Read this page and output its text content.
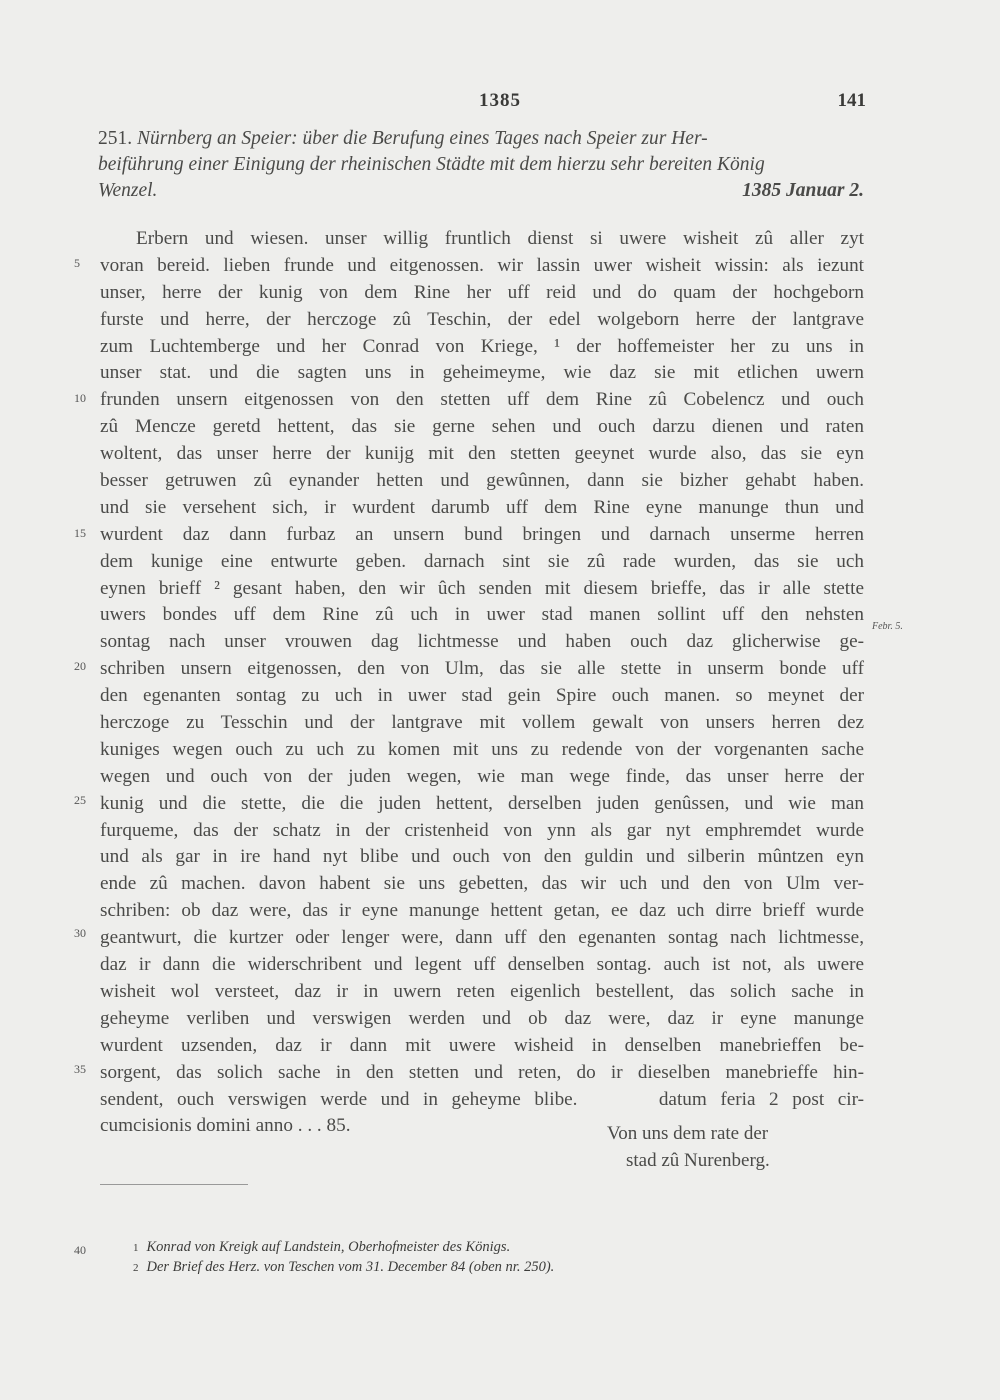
1385	141
251. Nürnberg an Speier: über die Berufung eines Tages nach Speier zur Her-
beiführung einer Einigung der rheinischen Städte mit dem hierzu sehr bereiten König
Wenzel.	1385 Januar 2.
5
10
15
20
25
30
35
Erbern und wiesen. unser willig fruntlich dienst si uwere wisheit zû aller zyt
voran bereid. lieben frunde und eitgenossen. wir lassin uwer wisheit wissin: als iezunt
unser, herre der kunig von dem Rine her uff reid und do quam der hochgeborn
furste und herre, der herczoge zû Teschin, der edel wolgeborn herre der lantgrave
zum Luchtemberge und her Conrad von Kriege, ¹ der hoffemeister her zu uns in
unser stat. und die sagten uns in geheimeyme, wie daz sie mit etlichen uwern
frunden unsern eitgenossen von den stetten uff dem Rine zû Cobelencz und ouch
zû Mencze geretd hettent, das sie gerne sehen und ouch darzu dienen und raten
woltent, das unser herre der kunijg mit den stetten geeynet wurde also, das sie eyn
besser getruwen zû eynander hetten und gewûnnen, dann sie bizher gehabt haben.
und sie versehent sich, ir wurdent darumb uff dem Rine eyne manunge thun und
wurdent daz dann furbaz an unsern bund bringen und darnach unserme herren
dem kunige eine entwurte geben. darnach sint sie zû rade wurden, das sie uch
eynen brieff ² gesant haben, den wir ûch senden mit diesem brieffe, das ir alle stette
uwers bondes uff dem Rine zû uch in uwer stad manen sollint uff den nehsten
sontag nach unser vrouwen dag lichtmesse und haben ouch daz glicherwise ge-
schriben unsern eitgenossen, den von Ulm, das sie alle stette in unserm bonde uff
den egenanten sontag zu uch in uwer stad gein Spire ouch manen. so meynet der
herczoge zu Tesschin und der lantgrave mit vollem gewalt von unsers herren dez
kuniges wegen ouch zu uch zu komen mit uns zu redende von der vorgenanten sache
wegen und ouch von der juden wegen, wie man wege finde, das unser herre der
kunig und die stette, die die juden hettent, derselben juden genûssen, und wie man
furqueme, das der schatz in der cristenheid von ynn als gar nyt emphremdet wurde
und als gar in ire hand nyt blibe und ouch von den guldin und silberin mûntzen eyn
ende zû machen. davon habent sie uns gebetten, das wir uch und den von Ulm ver-
schriben: ob daz were, das ir eyne manunge hettent getan, ee daz uch dirre brieff wurde
geantwurt, die kurtzer oder lenger were, dann uff den egenanten sontag nach lichtmesse,
daz ir dann die widerschribent und legent uff denselben sontag. auch ist not, als uwere
wisheit wol versteet, daz ir in uwern reten eigenlich bestellent, das solich sache in
geheyme verliben und verswigen werden und ob daz were, daz ir eyne manunge
wurdent uzsenden, daz ir dann mit uwere wisheid in denselben manebrieffen be-
sorgent, das solich sache in den stetten und reten, do ir dieselben manebrieffe hin-
sendent, ouch verswigen werde und in geheyme blibe.      datum feria 2 post cir-
cumcisionis domini anno . . . 85.
Febr. 5.
Von uns dem rate der
stad zû Nurenberg.
40	1 Konrad von Kreigk auf Landstein, Oberhofmeister des Königs.
2 Der Brief des Herz. von Teschen vom 31. December 84 (oben nr. 250).
